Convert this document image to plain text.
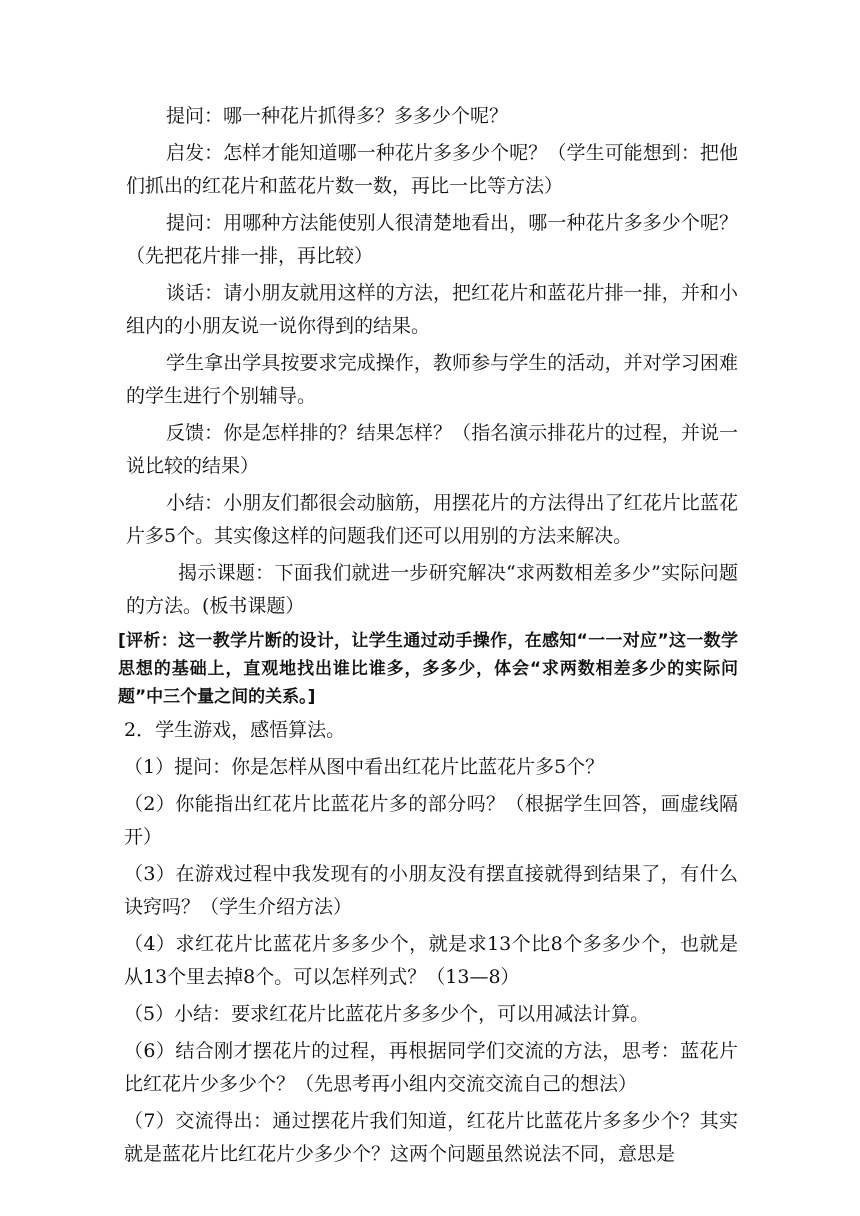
提问：哪一种花片抓得多？多多少个呢？

启发：怎样才能知道哪一种花片多多少个呢？（学生可能想到：把他们抓出的红花片和蓝花片数一数，再比一比等方法）

提问：用哪种方法能使别人很清楚地看出，哪一种花片多多少个呢？（先把花片排一排，再比较）

谈话：请小朋友就用这样的方法，把红花片和蓝花片排一排，并和小组内的小朋友说一说你得到的结果。

学生拿出学具按要求完成操作，教师参与学生的活动，并对学习困难的学生进行个别辅导。

反馈：你是怎样排的？结果怎样？（指名演示排花片的过程，并说一说比较的结果）

小结：小朋友们都很会动脑筋，用摆花片的方法得出了红花片比蓝花片多5个。其实像这样的问题我们还可以用别的方法来解决。

揭示课题：下面我们就进一步研究解决“求两数相差多少”实际问题的方法。(板书课题）

[评析：这一教学片断的设计，让学生通过动手操作，在感知“一一对应”这一数学思想的基础上，直观地找出谁比谁多，多多少，体会“求两数相差多少的实际问题”中三个量之间的关系。]

2．学生游戏，感悟算法。

（1）提问：你是怎样从图中看出红花片比蓝花片多5个？

（2）你能指出红花片比蓝花片多的部分吗？（根据学生回答，画虚线隔开）

（3）在游戏过程中我发现有的小朋友没有摆直接就得到结果了，有什么诀窍吗？（学生介绍方法）

（4）求红花片比蓝花片多多少个，就是求13个比8个多多少个，也就是从13个里去掉8个。可以怎样列式？（13—8）

（5）小结：要求红花片比蓝花片多多少个，可以用减法计算。

（6）结合刚才摆花片的过程，再根据同学们交流的方法，思考：蓝花片比红花片少多少个？（先思考再小组内交流交流自己的想法）

（7）交流得出：通过摆花片我们知道，红花片比蓝花片多多少个？其实就是蓝花片比红花片少多少个？这两个问题虽然说法不同，意思是
